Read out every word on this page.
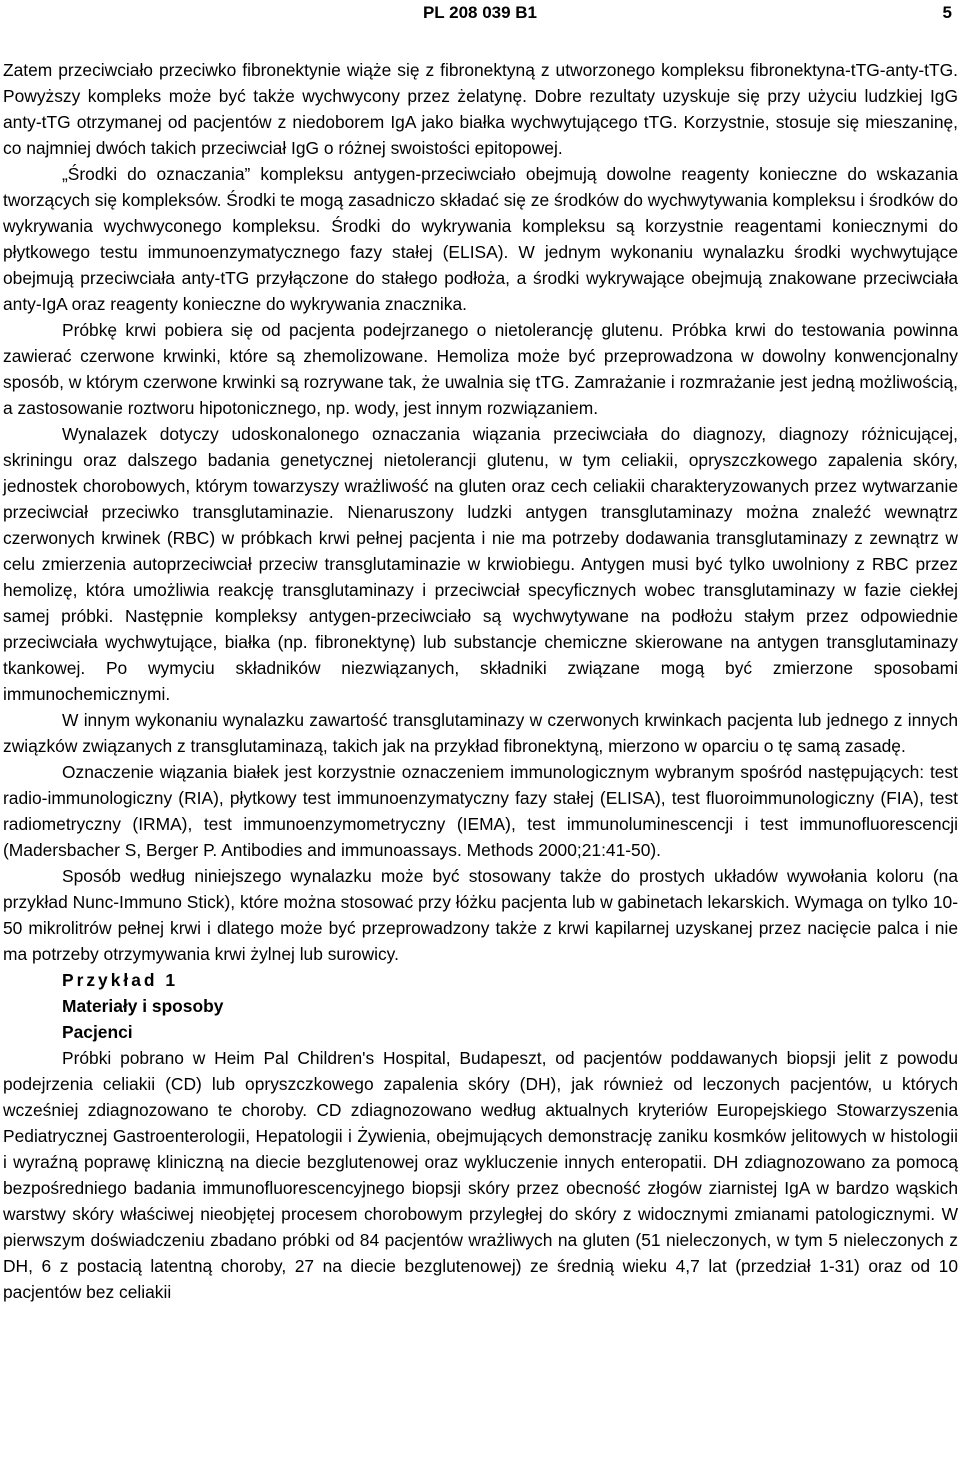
PL 208 039 B1	5

Zatem przeciwciało przeciwko fibronektynie wiąże się z fibronektyną z utworzonego kompleksu fibronektyna-tTG-anty-tTG. Powyższy kompleks może być także wychwycony przez żelatynę. Dobre rezultaty uzyskuje się przy użyciu ludzkiej IgG anty-tTG otrzymanej od pacjentów z niedoborem IgA jako białka wychwytującego tTG. Korzystnie, stosuje się mieszaninę, co najmniej dwóch takich przeciwciał IgG o różnej swoistości epitopowej.

„Środki do oznaczania” kompleksu antygen-przeciwciało obejmują dowolne reagenty konieczne do wskazania tworzących się kompleksów. Środki te mogą zasadniczo składać się ze środków do wychwytywania kompleksu i środków do wykrywania wychwyconego kompleksu. Środki do wykrywania kompleksu są korzystnie reagentami koniecznymi do płytkowego testu immunoenzymatycznego fazy stałej (ELISA). W jednym wykonaniu wynalazku środki wychwytujące obejmują przeciwciała anty-tTG przyłączone do stałego podłoża, a środki wykrywające obejmują znakowane przeciwciała anty-IgA oraz reagenty konieczne do wykrywania znacznika.

Próbkę krwi pobiera się od pacjenta podejrzanego o nietolerancję glutenu. Próbka krwi do testowania powinna zawierać czerwone krwinki, które są zhemolizowane. Hemoliza może być przeprowadzona w dowolny konwencjonalny sposób, w którym czerwone krwinki są rozrywane tak, że uwalnia się tTG. Zamrażanie i rozmrażanie jest jedną możliwością, a zastosowanie roztworu hipotonicznego, np. wody, jest innym rozwiązaniem.

Wynalazek dotyczy udoskonalonego oznaczania wiązania przeciwciała do diagnozy, diagnozy różnicującej, skriningu oraz dalszego badania genetycznej nietolerancji glutenu, w tym celiakii, opryszczkowego zapalenia skóry, jednostek chorobowych, którym towarzyszy wrażliwość na gluten oraz cech celiakii charakteryzowanych przez wytwarzanie przeciwciał przeciwko transglutaminazie. Nienaruszony ludzki antygen transglutaminazy można znaleźć wewnątrz czerwonych krwinek (RBC) w próbkach krwi pełnej pacjenta i nie ma potrzeby dodawania transglutaminazy z zewnątrz w celu zmierzenia autoprzeciwciał przeciw transglutaminazie w krwiobiegu. Antygen musi być tylko uwolniony z RBC przez hemolizę, która umożliwia reakcję transglutaminazy i przeciwciał specyficznych wobec transglutaminazy w fazie ciekłej samej próbki. Następnie kompleksy antygen-przeciwciało są wychwytywane na podłożu stałym przez odpowiednie przeciwciała wychwytujące, białka (np. fibronektynę) lub substancje chemiczne skierowane na antygen transglutaminazy tkankowej. Po wymyciu składników niezwiązanych, składniki związane mogą być zmierzone sposobami immunochemicznymi.

W innym wykonaniu wynalazku zawartość transglutaminazy w czerwonych krwinkach pacjenta lub jednego z innych związków związanych z transglutaminazą, takich jak na przykład fibronektyną, mierzono w oparciu o tę samą zasadę.

Oznaczenie wiązania białek jest korzystnie oznaczeniem immunologicznym wybranym spośród następujących: test radio-immunologiczny (RIA), płytkowy test immunoenzymatyczny fazy stałej (ELISA), test fluoroimmunologiczny (FIA), test radiometryczny (IRMA), test immunoenzymometryczny (IEMA), test immunoluminescencji i test immunofluorescencji (Madersbacher S, Berger P. Antibodies and immunoassays. Methods 2000;21:41-50).

Sposób według niniejszego wynalazku może być stosowany także do prostych układów wywołania koloru (na przykład Nunc-Immuno Stick), które można stosować przy łóżku pacjenta lub w gabinetach lekarskich. Wymaga on tylko 10-50 mikrolitrów pełnej krwi i dlatego może być przeprowadzony także z krwi kapilarnej uzyskanej przez nacięcie palca i nie ma potrzeby otrzymywania krwi żylnej lub surowicy.

Przykład 1
Materiały i sposoby
Pacjenci

Próbki pobrano w Heim Pal Children's Hospital, Budapeszt, od pacjentów poddawanych biopsji jelit z powodu podejrzenia celiakii (CD) lub opryszczkowego zapalenia skóry (DH), jak również od leczonych pacjentów, u których wcześniej zdiagnozowano te choroby. CD zdiagnozowano według aktualnych kryteriów Europejskiego Stowarzyszenia Pediatrycznej Gastroenterologii, Hepatologii i Żywienia, obejmujących demonstrację zaniku kosmków jelitowych w histologii i wyraźną poprawę kliniczną na diecie bezglutenowej oraz wykluczenie innych enteropatii. DH zdiagnozowano za pomocą bezpośredniego badania immunofluorescencyjnego biopsji skóry przez obecność złogów ziarnistej IgA w bardzo wąskich warstwy skóry właściwej nieobjętej procesem chorobowym przyległej do skóry z widocznymi zmianami patologicznymi. W pierwszym doświadczeniu zbadano próbki od 84 pacjentów wrażliwych na gluten (51 nieleczonych, w tym 5 nieleczonych z DH, 6 z postacią latentną choroby, 27 na diecie bezglutenowej) ze średnią wieku 4,7 lat (przedział 1-31) oraz od 10 pacjentów bez celiakii
